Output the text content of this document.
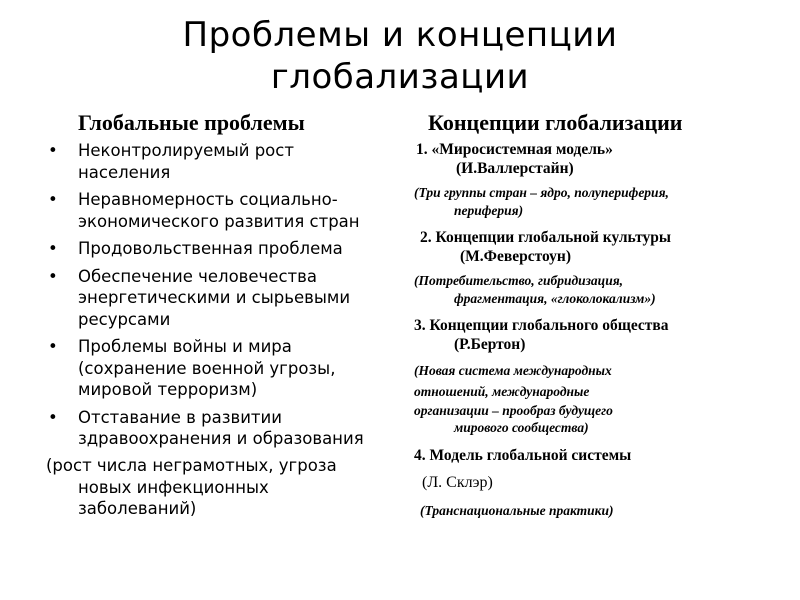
Проблемы и концепции
глобализации
Глобальные проблемы	Концепции глобализации
• Неконтролируемый рост населения
• Неравномерность социально-экономического развития стран
• Продовольственная проблема
• Обеспечение человечества энергетическими и сырьевыми ресурсами
• Проблемы войны и мира (сохранение военной угрозы, мировой терроризм)
• Отставание в развитии здравоохранения и образования
(рост числа неграмотных, угроза
новых инфекционных заболеваний)
1. «Миросистемная модель»
(И.Валлерстайн)
(Три группы стран – ядро, полупериферия,
периферия)
2. Концепции глобальной культуры
(М.Феверстоун)
(Потребительство, гибридизация,
фрагментация, «глоколокализм»)
3. Концепции глобального общества
(Р.Бертон)
(Новая система международных
отношений, международные
организации – прообраз будущего
мирового сообщества)
4. Модель глобальной системы
(Л. Склэр)
(Транснациональные практики)
